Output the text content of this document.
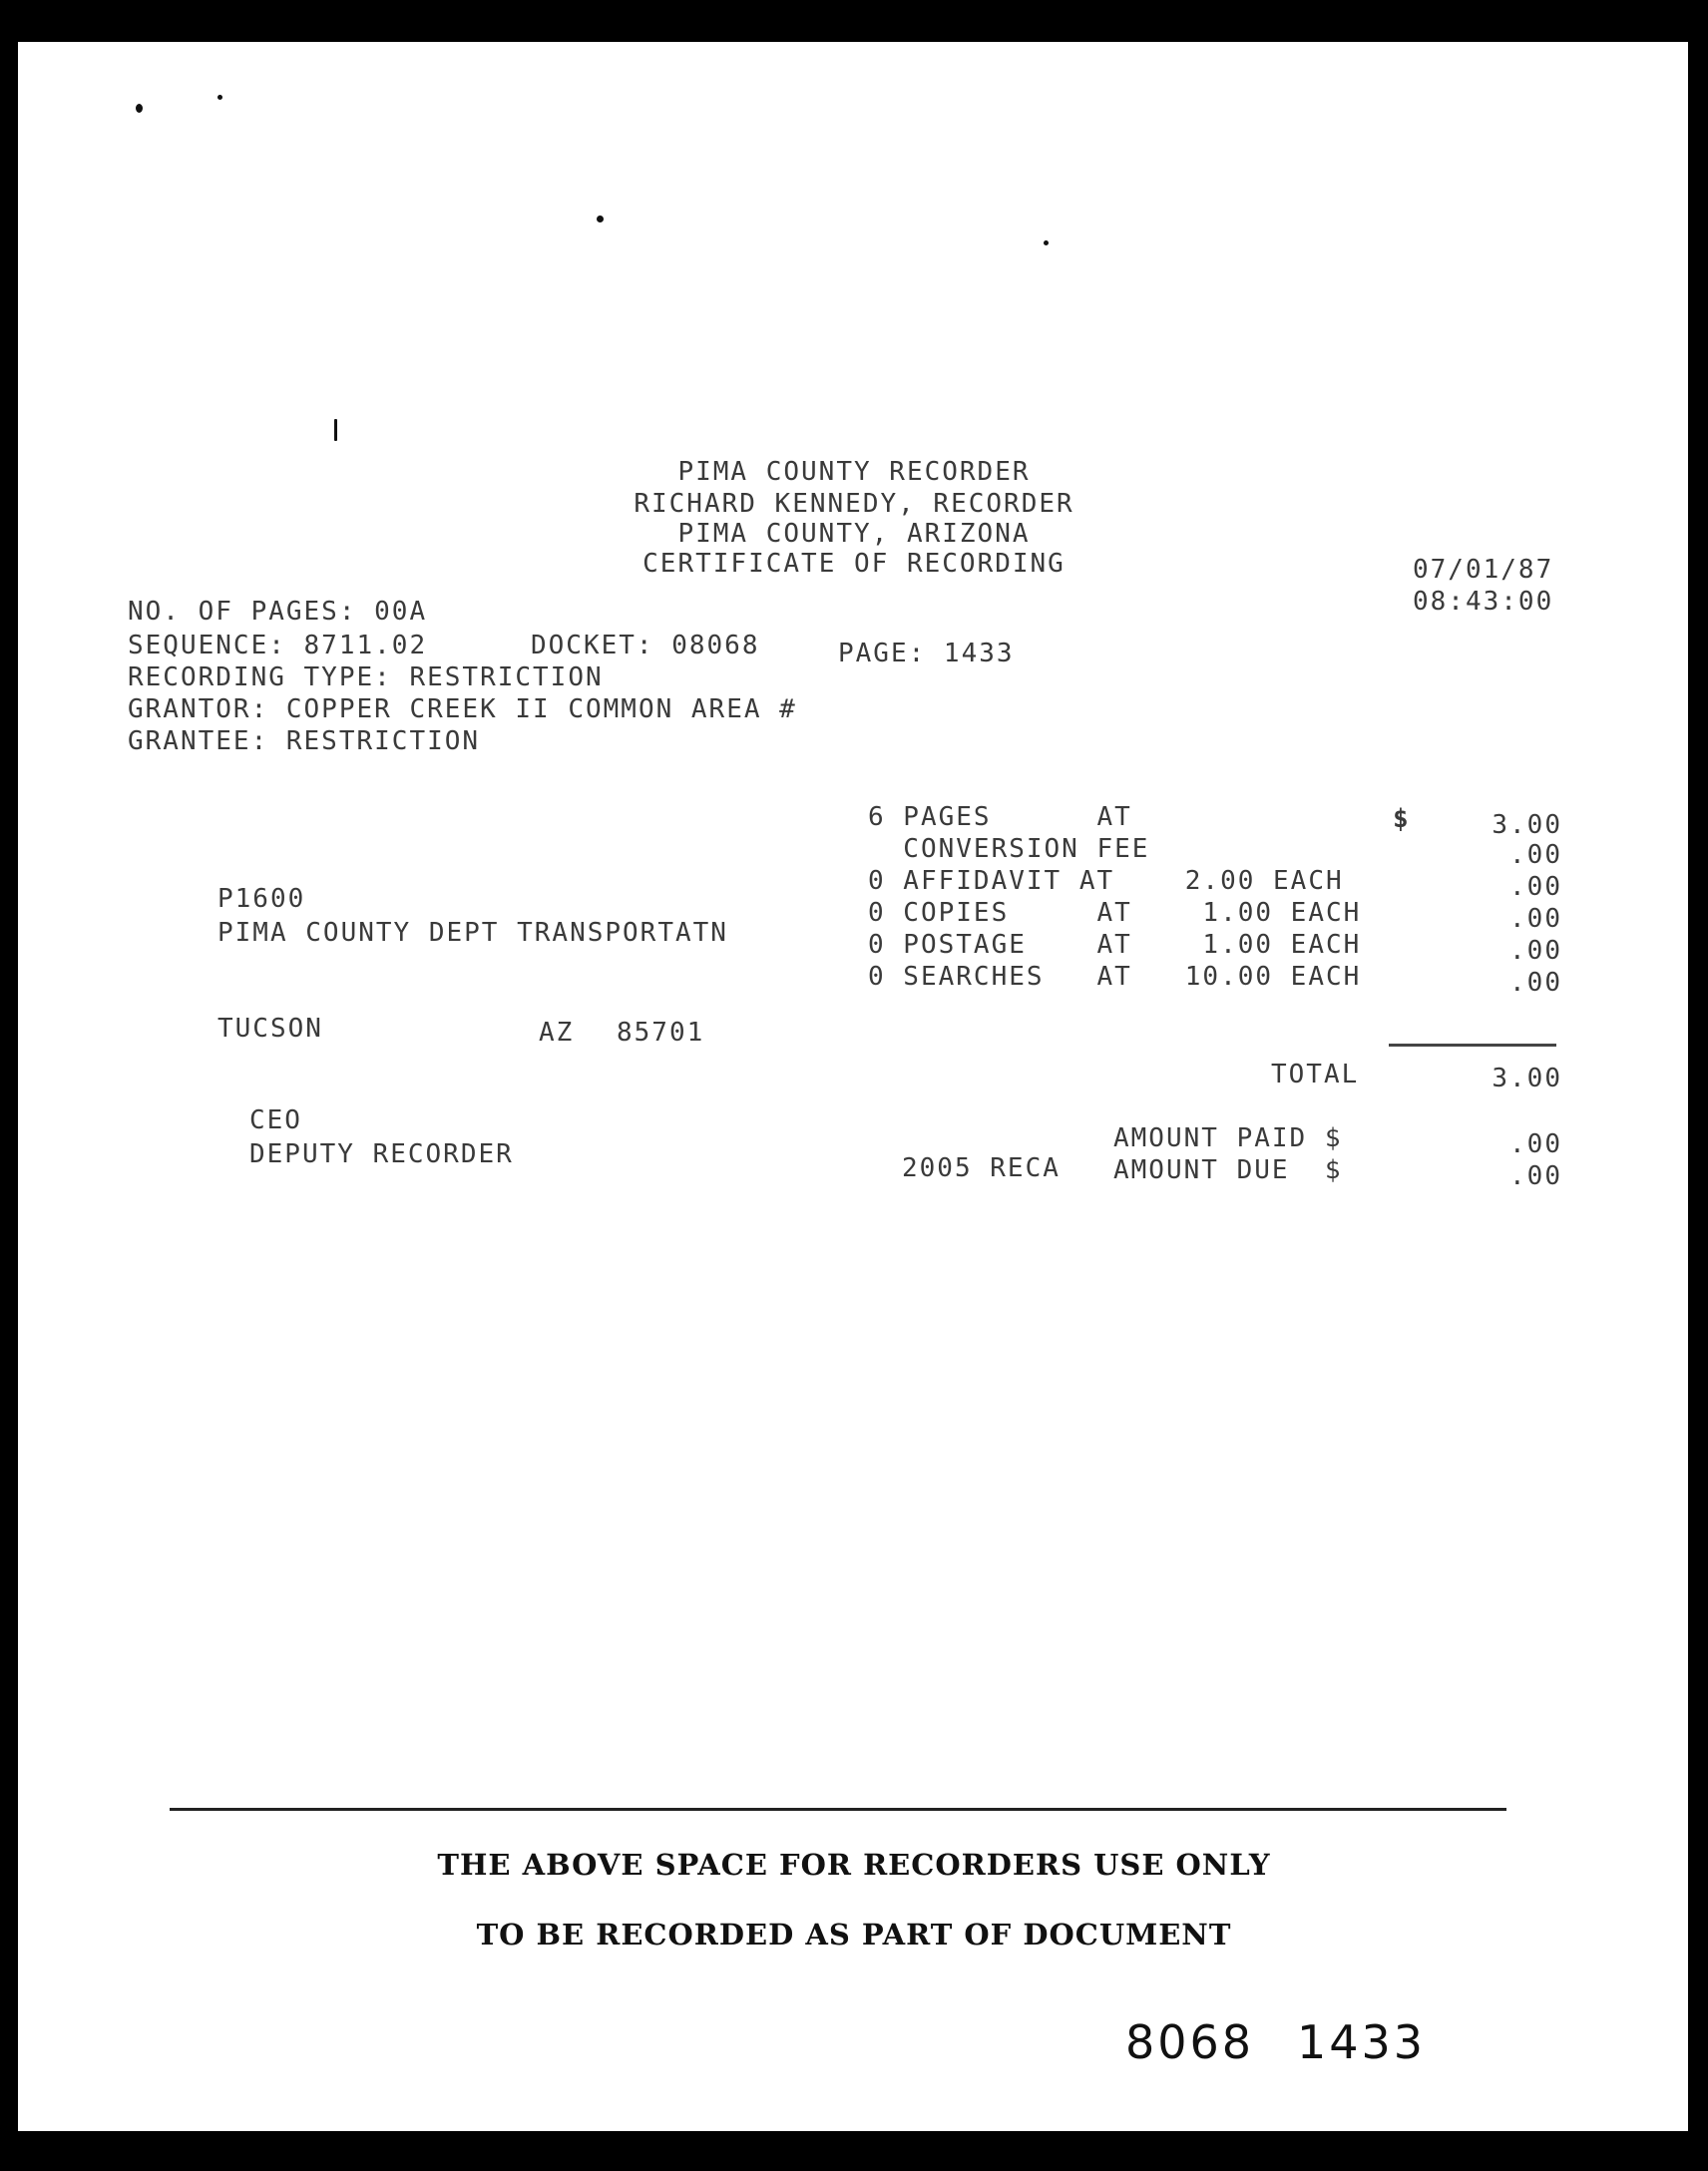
PIMA COUNTY RECORDER
RICHARD KENNEDY, RECORDER
PIMA COUNTY, ARIZONA
CERTIFICATE OF RECORDING	07/01/87
08:43:00
NO. OF PAGES: 00A
SEQUENCE: 8711.02	DOCKET: 08068	PAGE: 1433
RECORDING TYPE: RESTRICTION
GRANTOR: COPPER CREEK II COMMON AREA #
GRANTEE: RESTRICTION
P1600
PIMA COUNTY DEPT TRANSPORTATN
TUCSON	AZ 85701
6 PAGES      AT	$	3.00
CONVERSION FEE	.00
0 AFFIDAVIT AT    2.00 EACH	.00
0 COPIES     AT    1.00 EACH	.00
0 POSTAGE    AT    1.00 EACH	.00
0 SEARCHES   AT   10.00 EACH	.00
TOTAL	3.00
AMOUNT PAID $	.00
2005 RECA AMOUNT DUE  $	.00
CEO
DEPUTY RECORDER
THE ABOVE SPACE FOR RECORDERS USE ONLY
TO BE RECORDED AS PART OF DOCUMENT
8068 1433
